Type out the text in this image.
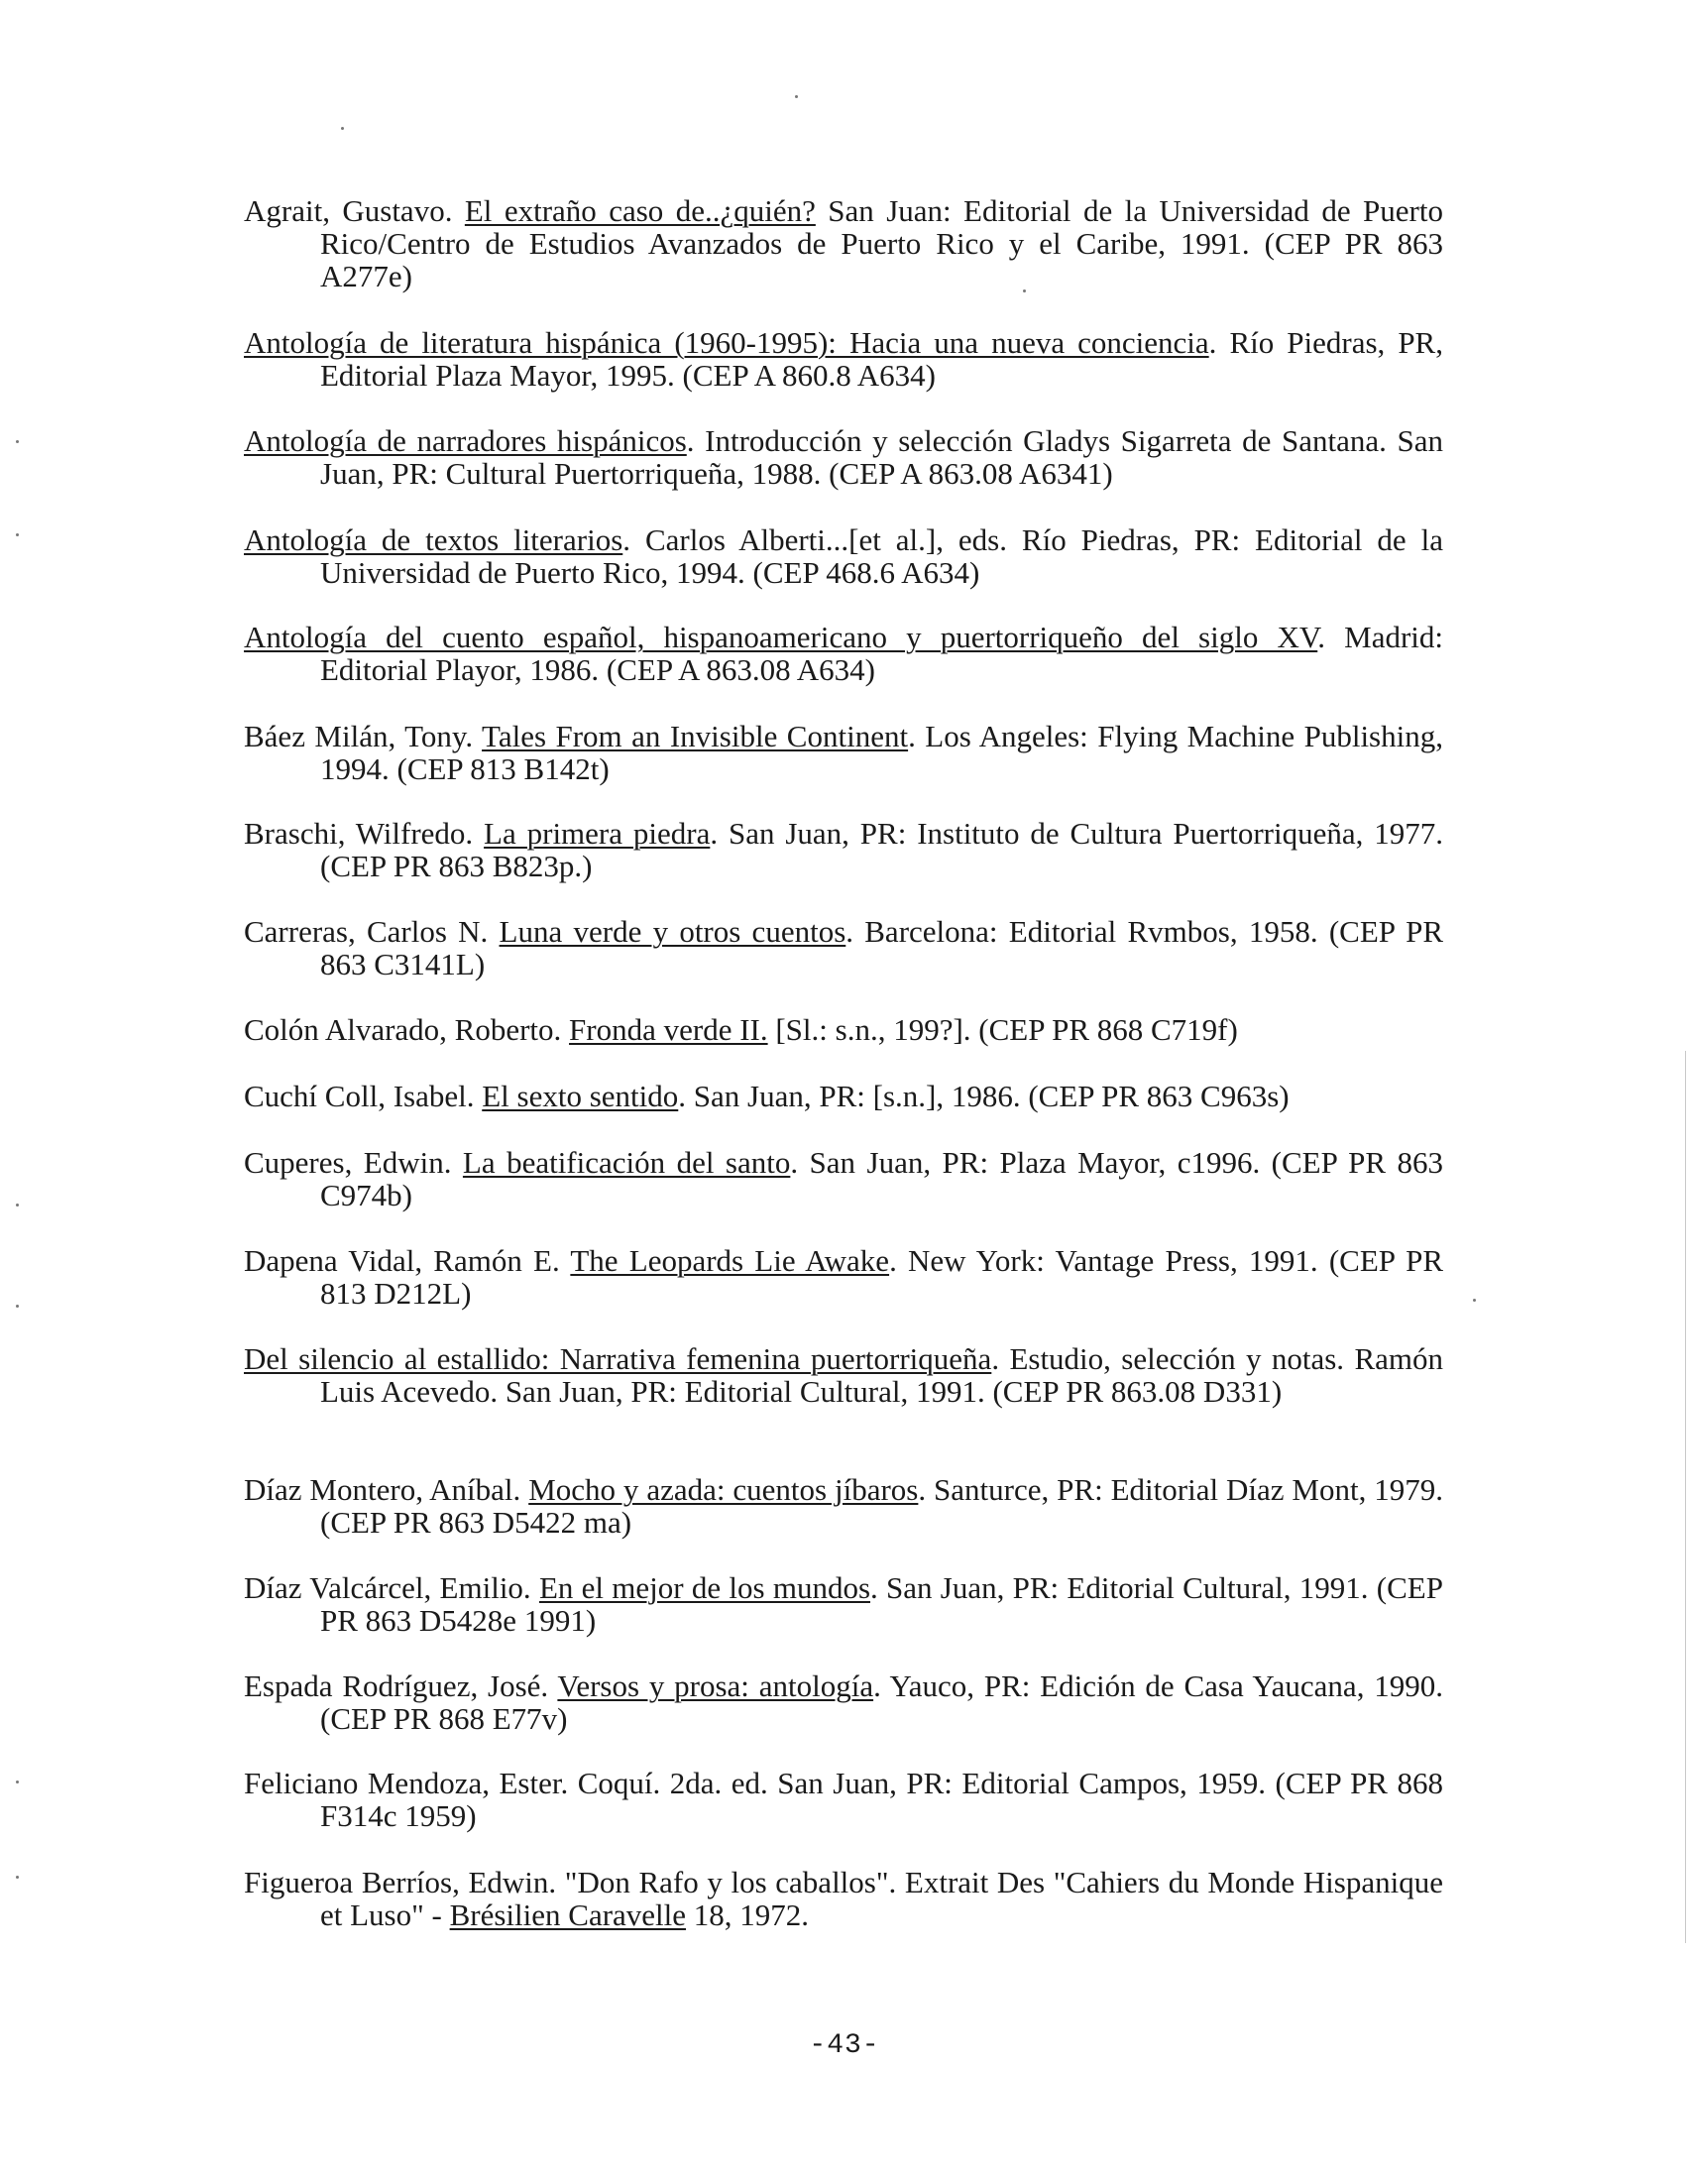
Agrait, Gustavo. El extraño caso de..¿quién? San Juan: Editorial de la Universidad de Puerto Rico/Centro de Estudios Avanzados de Puerto Rico y el Caribe, 1991. (CEP PR 863 A277e)
Antología de literatura hispánica (1960-1995): Hacia una nueva conciencia. Río Piedras, PR, Editorial Plaza Mayor, 1995. (CEP A 860.8 A634)
Antología de narradores hispánicos. Introducción y selección Gladys Sigarreta de Santana. San Juan, PR: Cultural Puertorriqueña, 1988. (CEP A 863.08 A6341)
Antología de textos literarios. Carlos Alberti...[et al.], eds. Río Piedras, PR: Editorial de la Universidad de Puerto Rico, 1994. (CEP 468.6 A634)
Antología del cuento español, hispanoamericano y puertorriqueño del siglo XV. Madrid: Editorial Playor, 1986. (CEP A 863.08 A634)
Báez Milán, Tony. Tales From an Invisible Continent. Los Angeles: Flying Machine Publishing, 1994. (CEP 813 B142t)
Braschi, Wilfredo. La primera piedra. San Juan, PR: Instituto de Cultura Puertorriqueña, 1977. (CEP PR 863 B823p.)
Carreras, Carlos N. Luna verde y otros cuentos. Barcelona: Editorial Rvmbos, 1958. (CEP PR 863 C3141L)
Colón Alvarado, Roberto. Fronda verde II. [Sl.: s.n., 199?]. (CEP PR 868 C719f)
Cuchí Coll, Isabel. El sexto sentido. San Juan, PR: [s.n.], 1986. (CEP PR 863 C963s)
Cuperes, Edwin. La beatificación del santo. San Juan, PR: Plaza Mayor, c1996. (CEP PR 863 C974b)
Dapena Vidal, Ramón E. The Leopards Lie Awake. New York: Vantage Press, 1991. (CEP PR 813 D212L)
Del silencio al estallido: Narrativa femenina puertorriqueña. Estudio, selección y notas. Ramón Luis Acevedo. San Juan, PR: Editorial Cultural, 1991. (CEP PR 863.08 D331)
Díaz Montero, Aníbal. Mocho y azada: cuentos jíbaros. Santurce, PR: Editorial Díaz Mont, 1979. (CEP PR 863 D5422 ma)
Díaz Valcárcel, Emilio. En el mejor de los mundos. San Juan, PR: Editorial Cultural, 1991. (CEP PR 863 D5428e 1991)
Espada Rodríguez, José. Versos y prosa: antología. Yauco, PR: Edición de Casa Yaucana, 1990. (CEP PR 868 E77v)
Feliciano Mendoza, Ester. Coquí. 2da. ed. San Juan, PR: Editorial Campos, 1959. (CEP PR 868 F314c 1959)
Figueroa Berríos, Edwin. "Don Rafo y los caballos". Extrait Des "Cahiers du Monde Hispanique et Luso" - Brésilien Caravelle 18, 1972.
-43-
